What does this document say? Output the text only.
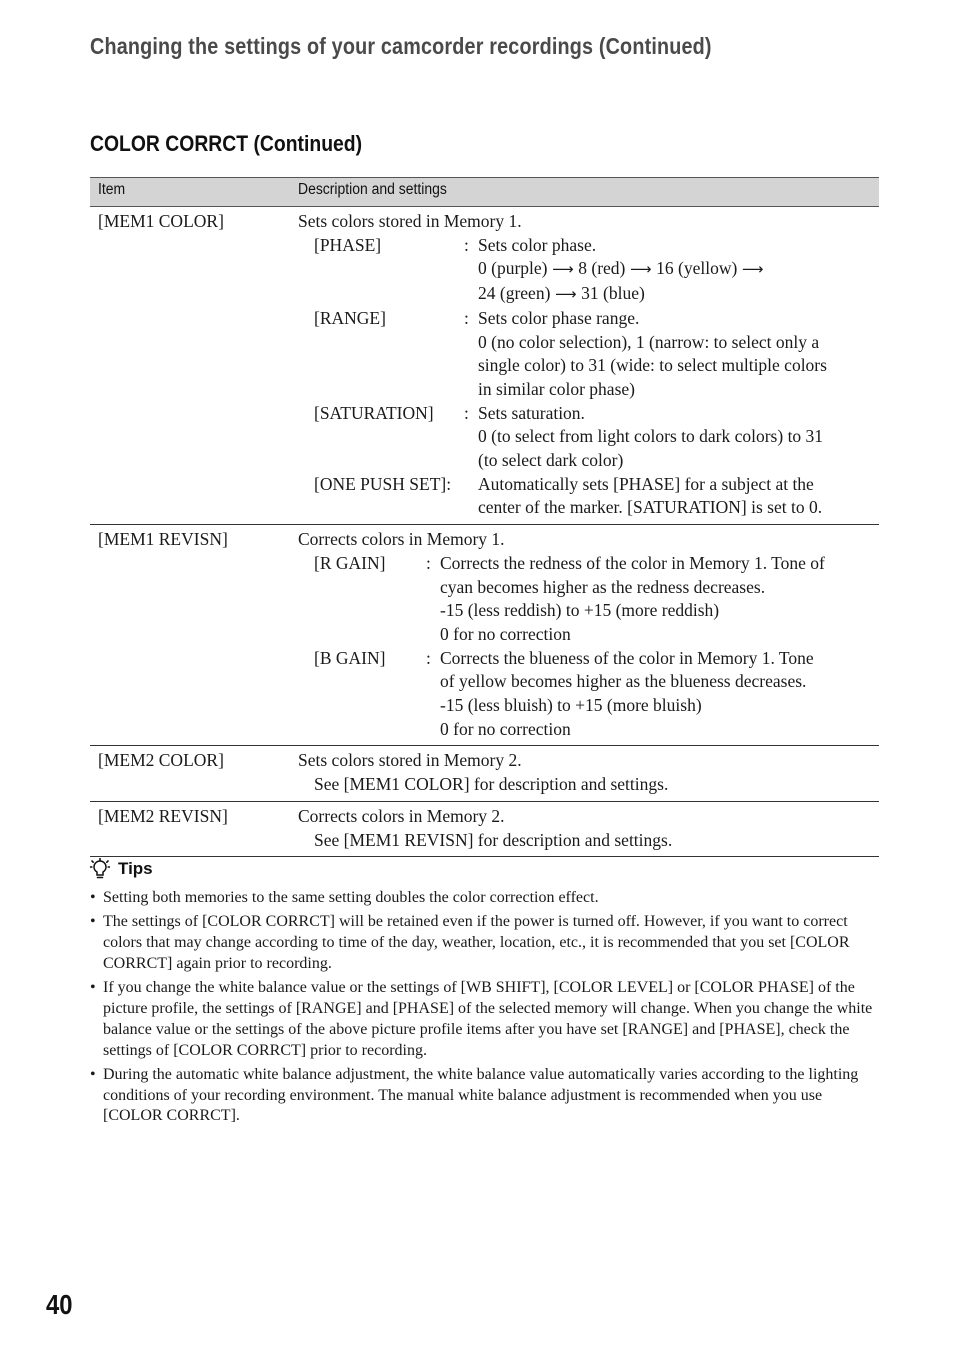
Changing the settings of your camcorder recordings (Continued)
COLOR CORRCT (Continued)
Item	Description and settings
[MEM1 COLOR]	Sets colors stored in Memory 1.
[PHASE]	: Sets color phase.
0 (purple) ⟶ 8 (red) ⟶ 16 (yellow) ⟶
24 (green) ⟶ 31 (blue)
[RANGE]	: Sets color phase range.
0 (no color selection), 1 (narrow: to select only a
single color) to 31 (wide: to select multiple colors
in similar color phase)
[SATURATION]	: Sets saturation.
0 (to select from light colors to dark colors) to 31
(to select dark color)
[ONE PUSH SET]:	Automatically sets [PHASE] for a subject at the
center of the marker. [SATURATION] is set to 0.
[MEM1 REVISN]	Corrects colors in Memory 1.
[R GAIN]	: Corrects the redness of the color in Memory 1. Tone of
cyan becomes higher as the redness decreases.
-15 (less reddish) to +15 (more reddish)
0 for no correction
[B GAIN]	: Corrects the blueness of the color in Memory 1. Tone
of yellow becomes higher as the blueness decreases.
-15 (less bluish) to +15 (more bluish)
0 for no correction
[MEM2 COLOR]	Sets colors stored in Memory 2.
See [MEM1 COLOR] for description and settings.
[MEM2 REVISN]	Corrects colors in Memory 2.
See [MEM1 REVISN] for description and settings.
Tips
• Setting both memories to the same setting doubles the color correction effect.
• The settings of [COLOR CORRCT] will be retained even if the power is turned off. However, if you want to correct colors that may change according to time of the day, weather, location, etc., it is recommended that you set [COLOR CORRCT] again prior to recording.
• If you change the white balance value or the settings of [WB SHIFT], [COLOR LEVEL] or [COLOR PHASE] of the picture profile, the settings of [RANGE] and [PHASE] of the selected memory will change. When you change the white balance value or the settings of the above picture profile items after you have set [RANGE] and [PHASE], check the settings of [COLOR CORRCT] prior to recording.
• During the automatic white balance adjustment, the white balance value automatically varies according to the lighting conditions of your recording environment. The manual white balance adjustment is recommended when you use [COLOR CORRCT].
40
